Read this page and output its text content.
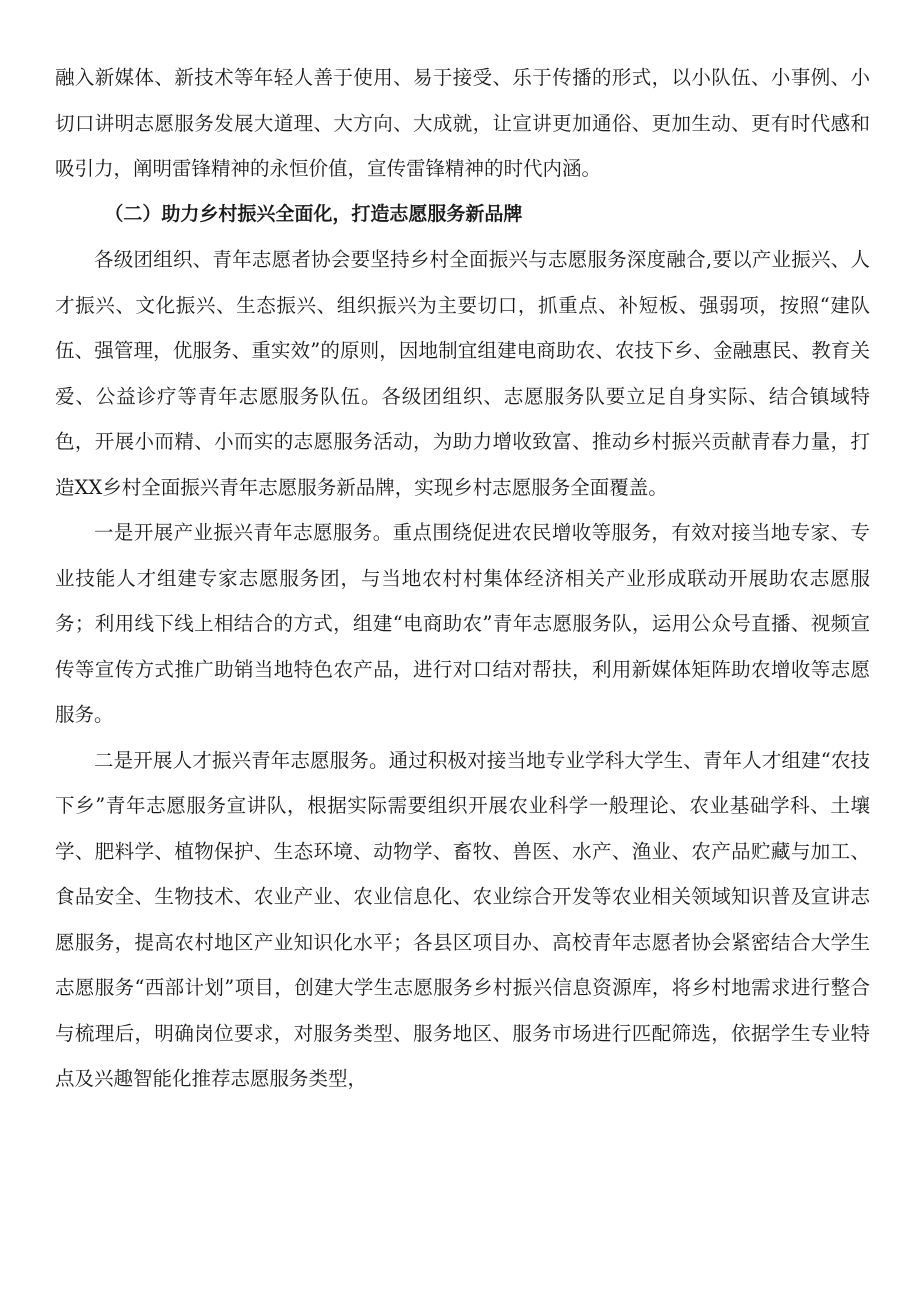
融入新媒体、新技术等年轻人善于使用、易于接受、乐于传播的形式，以小队伍、小事例、小切口讲明志愿服务发展大道理、大方向、大成就，让宣讲更加通俗、更加生动、更有时代感和吸引力，阐明雷锋精神的永恒价值，宣传雷锋精神的时代内涵。

（二）助力乡村振兴全面化，打造志愿服务新品牌

各级团组织、青年志愿者协会要坚持乡村全面振兴与志愿服务深度融合,要以产业振兴、人才振兴、文化振兴、生态振兴、组织振兴为主要切口，抓重点、补短板、强弱项，按照“建队伍、强管理，优服务、重实效”的原则，因地制宜组建电商助农、农技下乡、金融惠民、教育关爱、公益诊疗等青年志愿服务队伍。各级团组织、志愿服务队要立足自身实际、结合镇域特色，开展小而精、小而实的志愿服务活动，为助力增收致富、推动乡村振兴贡献青春力量，打造XX乡村全面振兴青年志愿服务新品牌，实现乡村志愿服务全面覆盖。

一是开展产业振兴青年志愿服务。重点围绕促进农民增收等服务，有效对接当地专家、专业技能人才组建专家志愿服务团，与当地农村村集体经济相关产业形成联动开展助农志愿服务；利用线下线上相结合的方式，组建“电商助农”青年志愿服务队，运用公众号直播、视频宣传等宣传方式推广助销当地特色农产品，进行对口结对帮扶，利用新媒体矩阵助农增收等志愿服务。

二是开展人才振兴青年志愿服务。通过积极对接当地专业学科大学生、青年人才组建“农技下乡”青年志愿服务宣讲队，根据实际需要组织开展农业科学一般理论、农业基础学科、土壤学、肥料学、植物保护、生态环境、动物学、畜牧、兽医、水产、渔业、农产品贮藏与加工、食品安全、生物技术、农业产业、农业信息化、农业综合开发等农业相关领域知识普及宣讲志愿服务，提高农村地区产业知识化水平；各县区项目办、高校青年志愿者协会紧密结合大学生志愿服务“西部计划”项目，创建大学生志愿服务乡村振兴信息资源库，将乡村地需求进行整合与梳理后，明确岗位要求，对服务类型、服务地区、服务市场进行匹配筛选，依据学生专业特点及兴趣智能化推荐志愿服务类型，
